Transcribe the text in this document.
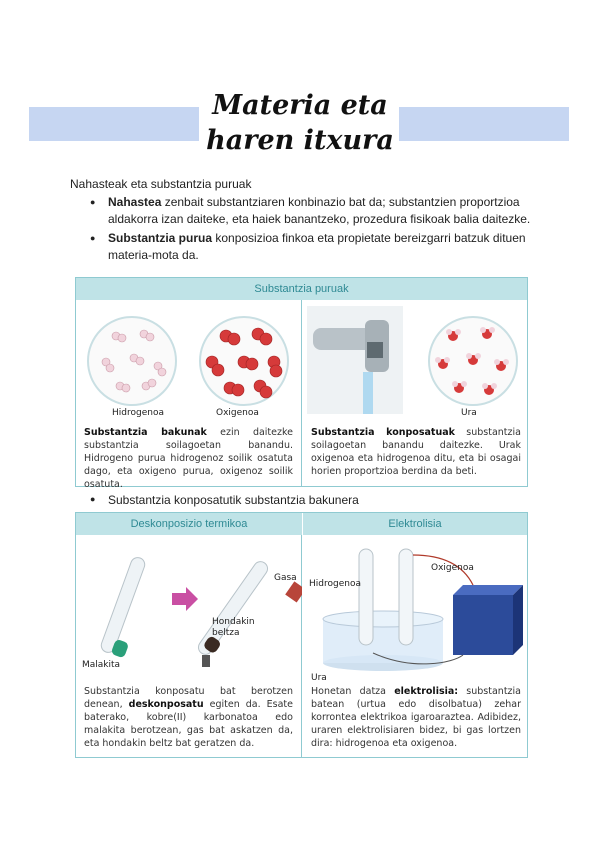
Materia eta haren itxura
Nahasteak eta substantzia puruak
● Nahastea zenbait substantziaren konbinazio bat da; substantzien proportzioa aldakorra izan daiteke, eta haiek banantzeko, prozedura fisikoak balia daitezke.
● Substantzia purua konposizioa finkoa eta propietate bereizgarri batzuk dituen materia-mota da.
Substantzia puruak
Hidrogenoa	Oxigenoa
Substantzia bakunak ezin daitezke substantzia soilagoetan banandu. Hidrogeno purua hidrogenoz soilik osatuta dago, eta oxigeno purua, oxigenoz soilik osatuta.
Ura
Substantzia konposatuak substantzia soilagoetan banandu daitezke. Urak oxigenoa eta hidrogenoa ditu, eta bi osagai horien proportzioa berdina da beti.
● Substantzia konposatutik substantzia bakunera
Deskonposizio termikoa	Elektrolisia
Gasa
Hondakin
beltza
Malakita
Substantzia konposatu bat berotzen denean, deskonposatu egiten da. Esate baterako, kobre(II) karbonatoa edo malakita berotzean, gas bat askatzen da, eta hondakin beltz bat geratzen da.
Hidrogenoa
Oxigenoa
Ura
Honetan datza elektrolisia: substantzia batean (urtua edo disolbatua) zehar korrontea elektrikoa igaroaraztea. Adibidez, uraren elektrolisiaren bidez, bi gas lortzen dira: hidrogenoa eta oxigenoa.
